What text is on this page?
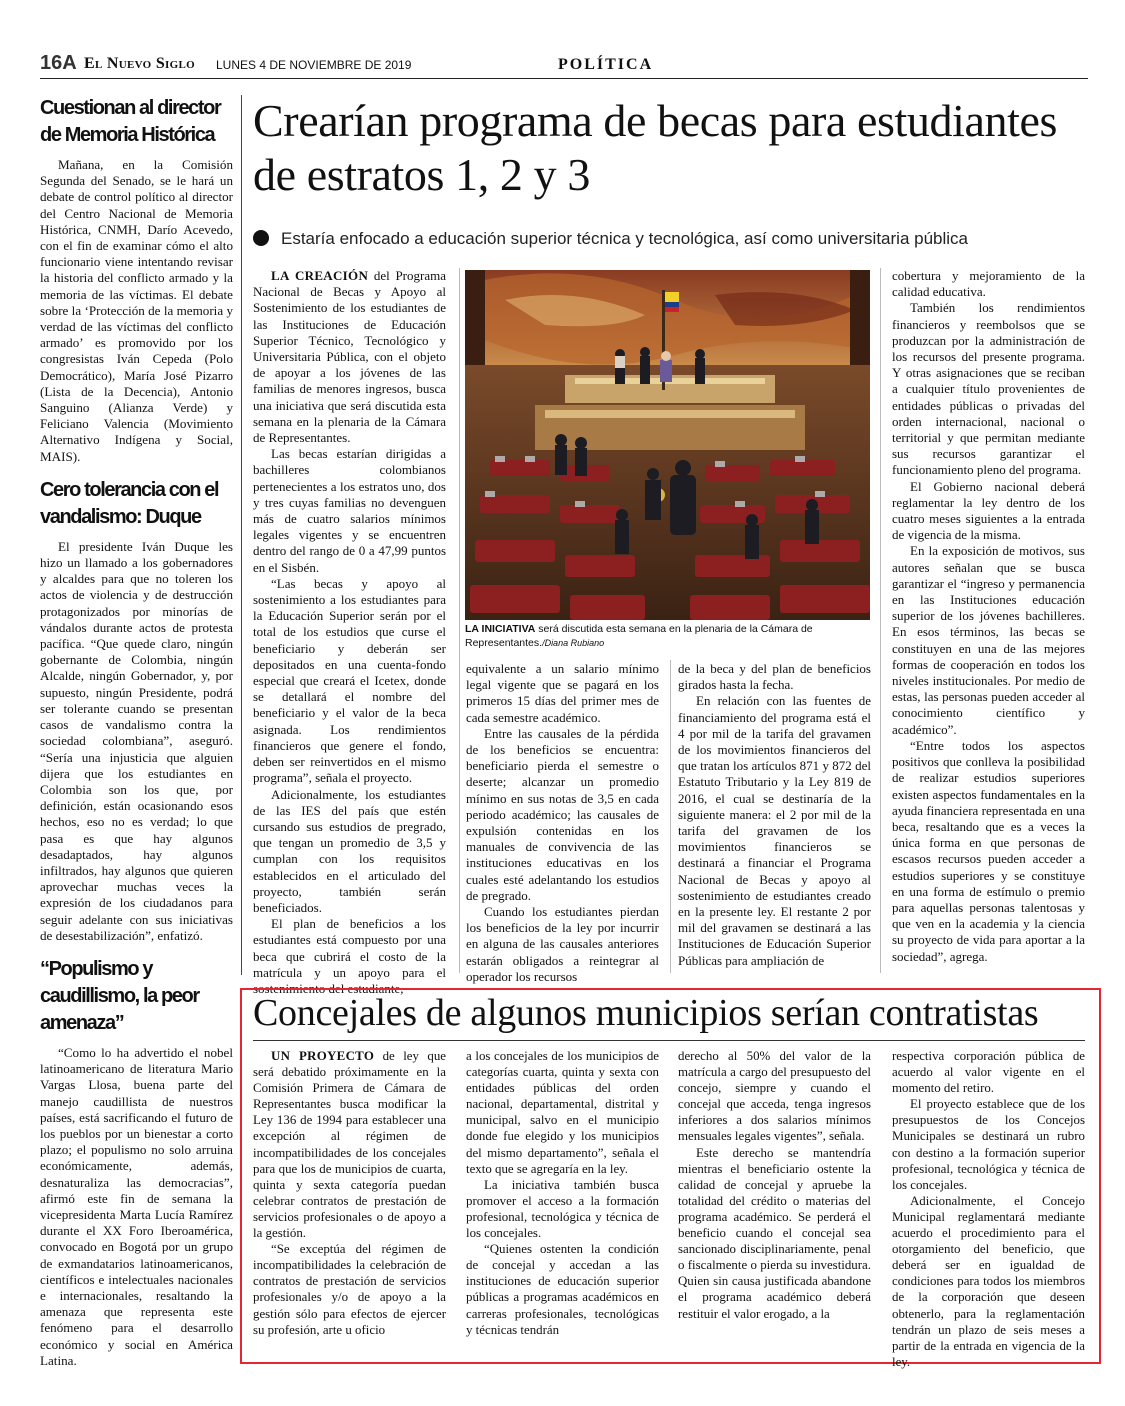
16A El Nuevo Siglo LUNES 4 DE NOVIEMBRE DE 2019	POLÍTICA
Cuestionan al director de Memoria Histórica

Mañana, en la Comisión Segunda del Senado, se le hará un debate de control político al director del Centro Nacional de Memoria Histórica, CNMH, Darío Acevedo, con el fin de examinar cómo el alto funcionario viene intentando revisar la historia del conflicto armado y la memoria de las víctimas. El debate sobre la ‘Protección de la memoria y verdad de las víctimas del conflicto armado’ es promovido por los congresistas Iván Cepeda (Polo Democrático), María José Pizarro (Lista de la Decencia), Antonio Sanguino (Alianza Verde) y Feliciano Valencia (Movimiento Alternativo Indígena y Social, MAIS).

Cero tolerancia con el vandalismo: Duque

El presidente Iván Duque les hizo un llamado a los gobernadores y alcaldes para que no toleren los actos de violencia y de destrucción protagonizados por minorías de vándalos durante actos de protesta pacífica. “Que quede claro, ningún gobernante de Colombia, ningún Alcalde, ningún Gobernador, y, por supuesto, ningún Presidente, podrá ser tolerante cuando se presentan casos de vandalismo contra la sociedad colombiana”, aseguró. “Sería una injusticia que alguien dijera que los estudiantes en Colombia son los que, por definición, están ocasionando esos hechos, eso no es verdad; lo que pasa es que hay algunos desadaptados, hay algunos infiltrados, hay algunos que quieren aprovechar muchas veces la expresión de los ciudadanos para seguir adelante con sus iniciativas de desestabilización”, enfatizó.

“Populismo y caudillismo, la peor amenaza”

“Como lo ha advertido el nobel latinoamericano de literatura Mario Vargas Llosa, buena parte del manejo caudillista de nuestros países, está sacrificando el futuro de los pueblos por un bienestar a corto plazo; el populismo no solo arruina económicamente, además, desnaturaliza las democracias”, afirmó este fin de semana la vicepresidenta Marta Lucía Ramírez durante el XX Foro Iberoamérica, convocado en Bogotá por un grupo de exmandatarios latinoamericanos, científicos e intelectuales nacionales e internacionales, resaltando la amenaza que representa este fenómeno para el desarrollo económico y social en América Latina.

Crearían programa de becas para estudiantes de estratos 1, 2 y 3
Estaría enfocado a educación superior técnica y tecnológica, así como universitaria pública

LA CREACIÓN del Programa Nacional de Becas y Apoyo al Sostenimiento de los estudiantes de las Instituciones de Educación Superior Técnico, Tecnológico y Universitaria Pública, con el objeto de apoyar a los jóvenes de las familias de menores ingresos, busca una iniciativa que será discutida esta semana en la plenaria de la Cámara de Representantes.

Las becas estarían dirigidas a bachilleres colombianos pertenecientes a los estratos uno, dos y tres cuyas familias no devenguen más de cuatro salarios mínimos legales vigentes y se encuentren dentro del rango de 0 a 47,99 puntos en el Sisbén.

“Las becas y apoyo al sostenimiento a los estudiantes para la Educación Superior serán por el total de los estudios que curse el beneficiario y deberán ser depositados en una cuenta-fondo especial que creará el Icetex, donde se detallará el nombre del beneficiario y el valor de la beca asignada. Los rendimientos financieros que genere el fondo, deben ser reinvertidos en el mismo programa”, señala el proyecto.

Adicionalmente, los estudiantes de las IES del país que estén cursando sus estudios de pregrado, que tengan un promedio de 3,5 y cumplan con los requisitos establecidos en el articulado del proyecto, también serán beneficiados.

El plan de beneficios a los estudiantes está compuesto por una beca que cubrirá el costo de la matrícula y un apoyo para el sostenimiento del estudiante,

LA INICIATIVA será discutida esta semana en la plenaria de la Cámara de Representantes./Diana Rubiano

equivalente a un salario mínimo legal vigente que se pagará en los primeros 15 días del primer mes de cada semestre académico.

Entre las causales de la pérdida de los beneficios se encuentra: beneficiario pierda el semestre o deserte; alcanzar un promedio mínimo en sus notas de 3,5 en cada periodo académico; las causales de expulsión contenidas en los manuales de convivencia de las instituciones educativas en los cuales esté adelantando los estudios de pregrado.

Cuando los estudiantes pierdan los beneficios de la ley por incurrir en alguna de las causales anteriores estarán obligados a reintegrar al operador los recursos

de la beca y del plan de beneficios girados hasta la fecha.

En relación con las fuentes de financiamiento del programa está el 4 por mil de la tarifa del gravamen de los movimientos financieros del que tratan los artículos 871 y 872 del Estatuto Tributario y la Ley 819 de 2016, el cual se destinaría de la siguiente manera: el 2 por mil de la tarifa del gravamen de los movimientos financieros se destinará a financiar el Programa Nacional de Becas y apoyo al sostenimiento de estudiantes creado en la presente ley. El restante 2 por mil del gravamen se destinará a las Instituciones de Educación Superior Públicas para ampliación de

cobertura y mejoramiento de la calidad educativa.

También los rendimientos financieros y reembolsos que se produzcan por la administración de los recursos del presente programa. Y otras asignaciones que se reciban a cualquier título provenientes de entidades públicas o privadas del orden internacional, nacional o territorial y que permitan mediante sus recursos garantizar el funcionamiento pleno del programa.

El Gobierno nacional deberá reglamentar la ley dentro de los cuatro meses siguientes a la entrada de vigencia de la misma.

En la exposición de motivos, sus autores señalan que se busca garantizar el “ingreso y permanencia en las Instituciones educación superior de los jóvenes bachilleres. En esos términos, las becas se constituyen en una de las mejores formas de cooperación en todos los niveles institucionales. Por medio de estas, las personas pueden acceder al conocimiento científico y académico”.

“Entre todos los aspectos positivos que conlleva la posibilidad de realizar estudios superiores existen aspectos fundamentales en la ayuda financiera representada en una beca, resaltando que es a veces la única forma en que personas de escasos recursos pueden acceder a estudios superiores y se constituye en una forma de estímulo o premio para aquellas personas talentosas y que ven en la academia y la ciencia su proyecto de vida para aportar a la sociedad”, agrega.

Concejales de algunos municipios serían contratistas

UN PROYECTO de ley que será debatido próximamente en la Comisión Primera de Cámara de Representantes busca modificar la Ley 136 de 1994 para establecer una excepción al régimen de incompatibilidades de los concejales para que los de municipios de cuarta, quinta y sexta categoría puedan celebrar contratos de prestación de servicios profesionales o de apoyo a la gestión.

“Se exceptúa del régimen de incompatibilidades la celebración de contratos de prestación de servicios profesionales y/o de apoyo a la gestión sólo para efectos de ejercer su profesión, arte u oficio

a los concejales de los municipios de categorías cuarta, quinta y sexta con entidades públicas del orden nacional, departamental, distrital y municipal, salvo en el municipio donde fue elegido y los municipios del mismo departamento”, señala el texto que se agregaría en la ley.

La iniciativa también busca promover el acceso a la formación profesional, tecnológica y técnica de los concejales.

“Quienes ostenten la condición de concejal y accedan a las instituciones de educación superior públicas a programas académicos en carreras profesionales, tecnológicas y técnicas tendrán

derecho al 50% del valor de la matrícula a cargo del presupuesto del concejo, siempre y cuando el concejal que acceda, tenga ingresos inferiores a dos salarios mínimos mensuales legales vigentes”, señala.

Este derecho se mantendría mientras el beneficiario ostente la calidad de concejal y apruebe la totalidad del crédito o materias del programa académico. Se perderá el beneficio cuando el concejal sea sancionado disciplinariamente, penal o fiscalmente o pierda su investidura. Quien sin causa justificada abandone el programa académico deberá restituir el valor erogado, a la

respectiva corporación pública de acuerdo al valor vigente en el momento del retiro.

El proyecto establece que de los presupuestos de los Concejos Municipales se destinará un rubro con destino a la formación superior profesional, tecnológica y técnica de los concejales.

Adicionalmente, el Concejo Municipal reglamentará mediante acuerdo el procedimiento para el otorgamiento del beneficio, que deberá ser en igualdad de condiciones para todos los miembros de la corporación que deseen obtenerlo, para la reglamentación tendrán un plazo de seis meses a partir de la entrada en vigencia de la ley.
